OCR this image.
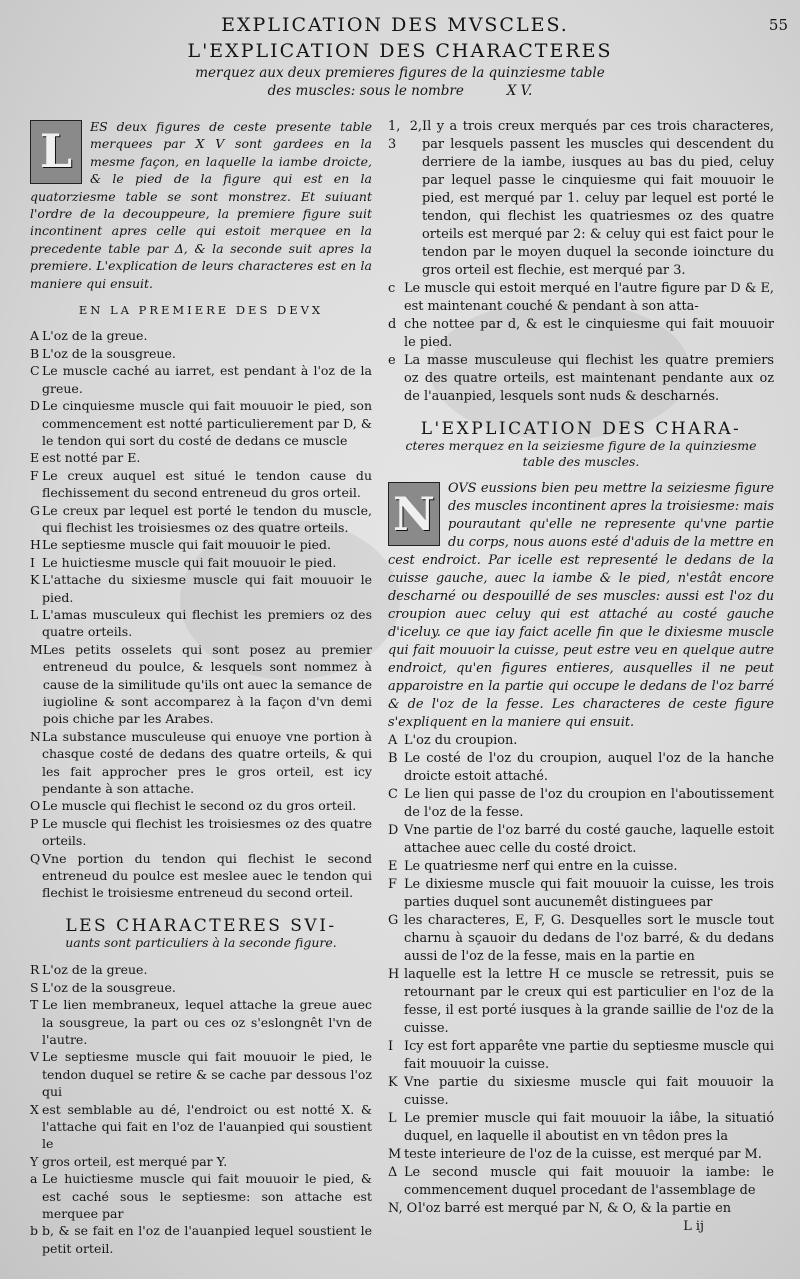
EXPLICATION DES MVSCLES.	55
L'EXPLICATION DES CHARACTERES
merquez aux deux premieres figures de la quinziesme table
des muscles: sous le nombre          X V.
L	ES deux figures de ceste presente table merquees par X V sont gardees en la mesme façon, en laquelle la iambe droicte, & le pied de la figure qui est en la quatorziesme table se sont monstrez. Et suiuant l'ordre de la decouppeure, la premiere figure suit incontinent apres celle qui estoit merquee en la precedente table par Δ, & la seconde suit apres la premiere. L'explication de leurs characteres est en la maniere qui ensuit.

EN LA PREMIERE DES DEVX
A L'oz de la greue.
B L'oz de la sousgreue.
C Le muscle caché au iarret, est pendant à l'oz de la greue.
D Le cinquiesme muscle qui fait mouuoir le pied, son commencement est notté particulierement par D, & le tendon qui sort du costé de dedans ce muscle
E est notté par E.
F Le creux auquel est situé le tendon cause du flechissement du second entreneud du gros orteil.
G Le creux par lequel est porté le tendon du muscle, qui flechist les troisiesmes oz des quatre orteils.
H Le septiesme muscle qui fait mouuoir le pied.
I Le huictiesme muscle qui fait mouuoir le pied.
K L'attache du sixiesme muscle qui fait mouuoir le pied.
L L'amas musculeux qui flechist les premiers oz des quatre orteils.
M Les petits osselets qui sont posez au premier entreneud du poulce, & lesquels sont nommez à cause de la similitude qu'ils ont auec la semance de iugioline & sont accomparez à la façon d'vn demi pois chiche par les Arabes.
N La substance musculeuse qui enuoye vne portion à chasque costé de dedans des quatre orteils, & qui les fait approcher pres le gros orteil, est icy pendante à son attache.
O Le muscle qui flechist le second oz du gros orteil.
P Le muscle qui flechist les troisiesmes oz des quatre orteils.
Q Vne portion du tendon qui flechist le second entreneud du poulce est meslee auec le tendon qui flechist le troisiesme entreneud du second orteil.
LES CHARACTERES SVI-
uants sont particuliers à la seconde figure.
R L'oz de la greue.
S L'oz de la sousgreue.
T Le lien membraneux, lequel attache la greue auec la sousgreue, la part ou ces oz s'eslongnêt l'vn de l'autre.
V Le septiesme muscle qui fait mouuoir le pied, le tendon duquel se retire & se cache par dessous l'oz qui
X est semblable au dé, l'endroict ou est notté X. & l'attache qui fait en l'oz de l'auanpied qui soustient le
Y gros orteil, est merqué par Y.
a Le huictiesme muscle qui fait mouuoir le pied, & est caché sous le septiesme: son attache est merquee par
b b, & se fait en l'oz de l'auanpied lequel soustient le petit orteil.
1, 2, 3
Il y a trois creux merqués par ces trois characteres, par lesquels passent les muscles qui descendent du derriere de la iambe, iusques au bas du pied, celuy par lequel passe le cinquiesme qui fait mouuoir le pied, est merqué par 1. celuy par lequel est porté le tendon, qui flechist les quatriesmes oz des quatre orteils est merqué par 2: & celuy qui est faict pour le tendon par le moyen duquel la seconde ioincture du gros orteil est flechie, est merqué par 3.
c Le muscle qui estoit merqué en l'autre figure par D & E, est maintenant couché & pendant à son atta-
d che nottee par d, & est le cinquiesme qui fait mouuoir le pied.
e La masse musculeuse qui flechist les quatre premiers oz des quatre orteils, est maintenant pendante aux oz de l'auanpied, lesquels sont nuds & descharnés.
L'EXPLICATION DES CHARA-
cteres merquez en la seiziesme figure de la quinziesme table des muscles.
N	OVS eussions bien peu mettre la seiziesme figure des muscles incontinent apres la troisiesme: mais pourautant qu'elle ne represente qu'vne partie du corps, nous auons esté d'aduis de la mettre en cest endroict. Par icelle est representé le dedans de la cuisse gauche, auec la iambe & le pied, n'estât encore descharné ou despouillé de ses muscles: aussi est l'oz du croupion auec celuy qui est attaché au costé gauche d'iceluy. ce que iay faict acelle fin que le dixiesme muscle qui fait mouuoir la cuisse, peut estre veu en quelque autre endroict, qu'en figures entieres, ausquelles il ne peut apparoistre en la partie qui occupe le dedans de l'oz barré & de l'oz de la fesse. Les characteres de ceste figure s'expliquent en la maniere qui ensuit.

A L'oz du croupion.
B Le costé de l'oz du croupion, auquel l'oz de la hanche droicte estoit attaché.
C Le lien qui passe de l'oz du croupion en l'aboutissement de l'oz de la fesse.
D Vne partie de l'oz barré du costé gauche, laquelle estoit attachee auec celle du costé droict.
E Le quatriesme nerf qui entre en la cuisse.
F Le dixiesme muscle qui fait mouuoir la cuisse, les trois parties duquel sont aucunemêt distinguees par
G les characteres, E, F, G. Desquelles sort le muscle tout charnu à sçauoir du dedans de l'oz barré, & du dedans aussi de l'oz de la fesse, mais en la partie en
H laquelle est la lettre H ce muscle se retressit, puis se retournant par le creux qui est particulier en l'oz de la fesse, il est porté iusques à la grande saillie de l'oz de la cuisse.
I Icy est fort apparête vne partie du septiesme muscle qui fait mouuoir la cuisse.
K Vne partie du sixiesme muscle qui fait mouuoir la cuisse.
L Le premier muscle qui fait mouuoir la iâbe, la situatió duquel, en laquelle il aboutist en vn têdon pres la
M teste interieure de l'oz de la cuisse, est merqué par M.
Δ Le second muscle qui fait mouuoir la iambe: le commencement duquel procedant de l'assemblage de
N, O l'oz barré est merqué par N, & O, & la partie en
L ij
